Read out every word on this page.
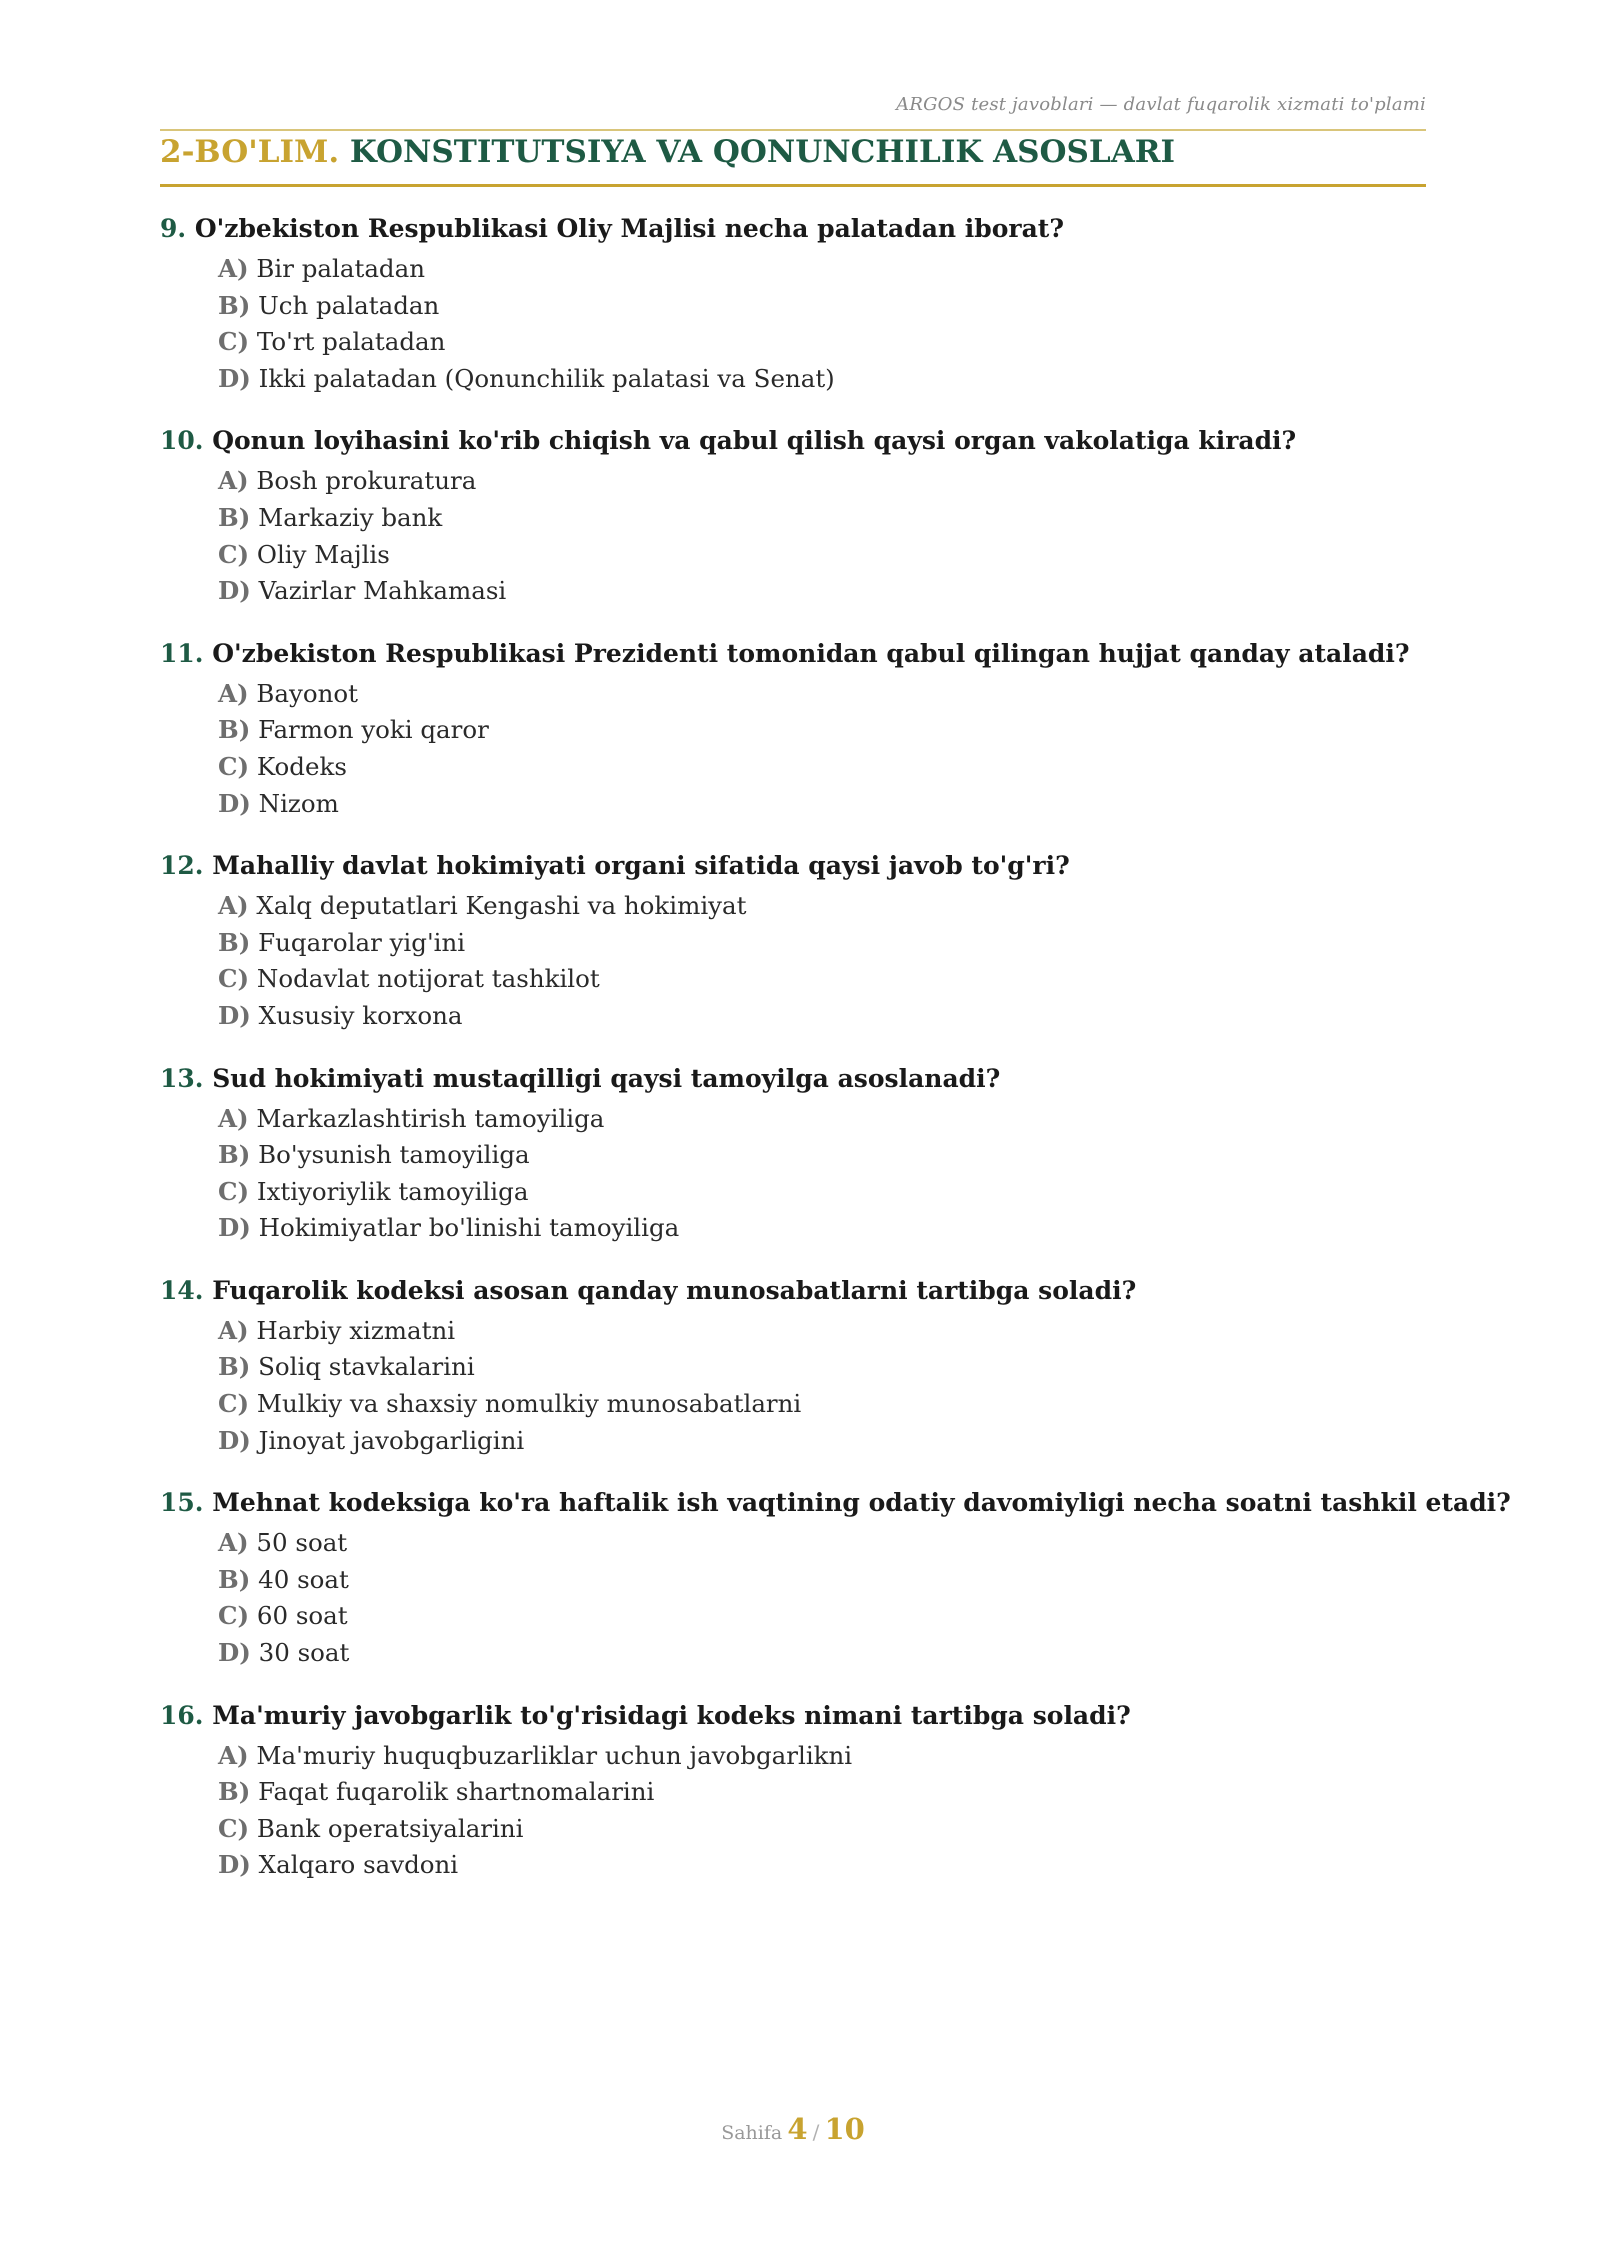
ARGOS test javoblari — davlat fuqarolik xizmati to'plami
2-BO'LIM. KONSTITUTSIYA VA QONUNCHILIK ASOSLARI
9. O'zbekiston Respublikasi Oliy Majlisi necha palatadan iborat?
A) Bir palatadan
B) Uch palatadan
C) To'rt palatadan
D) Ikki palatadan (Qonunchilik palatasi va Senat)
10. Qonun loyihasini ko'rib chiqish va qabul qilish qaysi organ vakolatiga kiradi?
A) Bosh prokuratura
B) Markaziy bank
C) Oliy Majlis
D) Vazirlar Mahkamasi
11. O'zbekiston Respublikasi Prezidenti tomonidan qabul qilingan hujjat qanday ataladi?
A) Bayonot
B) Farmon yoki qaror
C) Kodeks
D) Nizom
12. Mahalliy davlat hokimiyati organi sifatida qaysi javob to'g'ri?
A) Xalq deputatlari Kengashi va hokimiyat
B) Fuqarolar yig'ini
C) Nodavlat notijorat tashkilot
D) Xususiy korxona
13. Sud hokimiyati mustaqilligi qaysi tamoyilga asoslanadi?
A) Markazlashtirish tamoyiliga
B) Bo'ysunish tamoyiliga
C) Ixtiyoriylik tamoyiliga
D) Hokimiyatlar bo'linishi tamoyiliga
14. Fuqarolik kodeksi asosan qanday munosabatlarni tartibga soladi?
A) Harbiy xizmatni
B) Soliq stavkalarini
C) Mulkiy va shaxsiy nomulkiy munosabatlarni
D) Jinoyat javobgarligini
15. Mehnat kodeksiga ko'ra haftalik ish vaqtining odatiy davomiyligi necha soatni tashkil etadi?
A) 50 soat
B) 40 soat
C) 60 soat
D) 30 soat
16. Ma'muriy javobgarlik to'g'risidagi kodeks nimani tartibga soladi?
A) Ma'muriy huquqbuzarliklar uchun javobgarlikni
B) Faqat fuqarolik shartnomalarini
C) Bank operatsiyalarini
D) Xalqaro savdoni
Sahifa 4 / 10
